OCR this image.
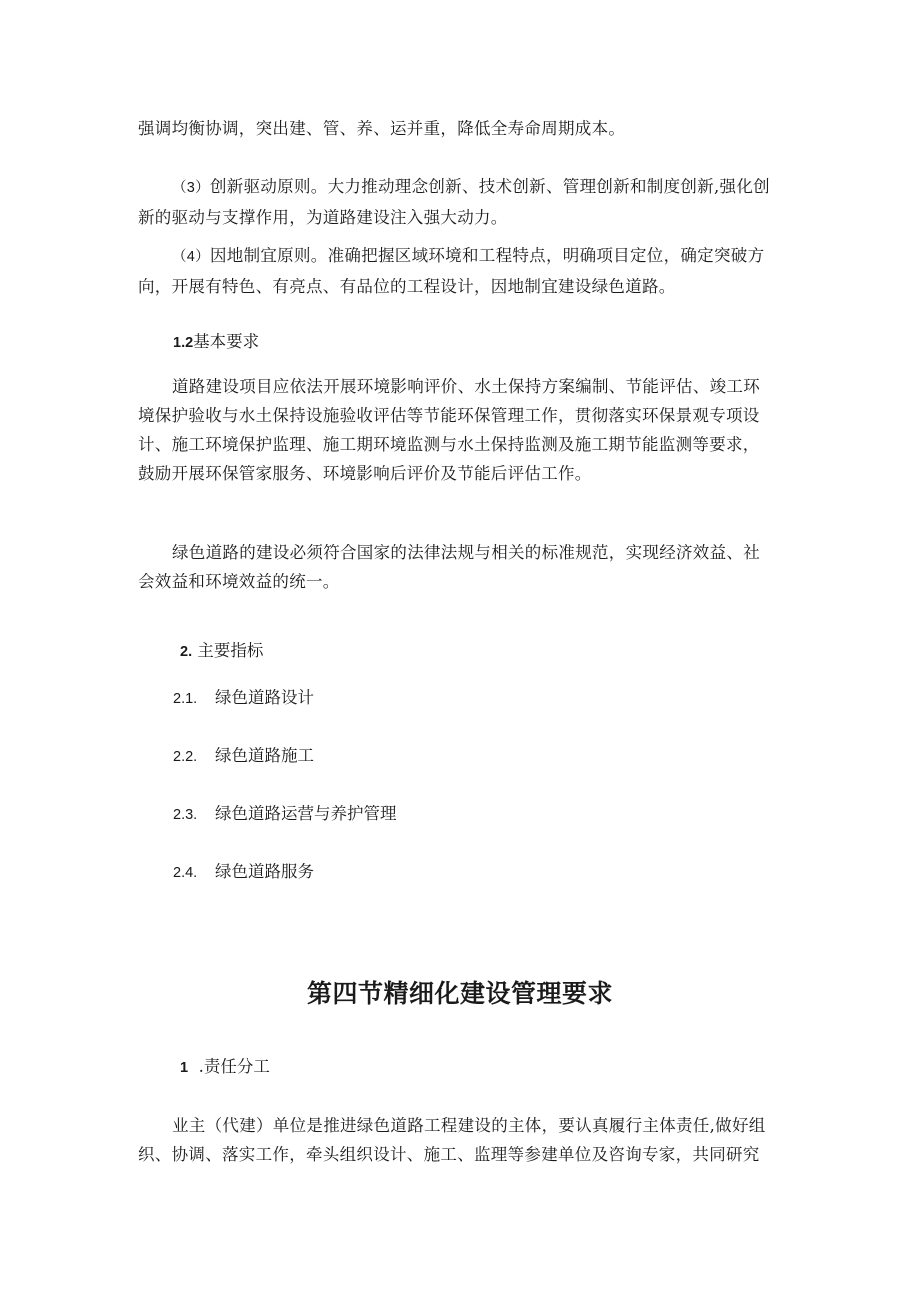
强调均衡协调，突出建、管、养、运并重，降低全寿命周期成本。

（3）创新驱动原则。大力推动理念创新、技术创新、管理创新和制度创新,强化创新的驱动与支撑作用，为道路建设注入强大动力。

（4）因地制宜原则。准确把握区域环境和工程特点，明确项目定位，确定突破方向，开展有特色、有亮点、有品位的工程设计，因地制宜建设绿色道路。

1.2基本要求

道路建设项目应依法开展环境影响评价、水土保持方案编制、节能评估、竣工环境保护验收与水土保持设施验收评估等节能环保管理工作，贯彻落实环保景观专项设计、施工环境保护监理、施工期环境监测与水土保持监测及施工期节能监测等要求，鼓励开展环保管家服务、环境影响后评价及节能后评估工作。

绿色道路的建设必须符合国家的法律法规与相关的标准规范，实现经济效益、社会效益和环境效益的统一。

2. 主要指标

2.1. 绿色道路设计

2.2. 绿色道路施工

2.3. 绿色道路运营与养护管理

2.4. 绿色道路服务

第四节精细化建设管理要求

1 .责任分工

业主（代建）单位是推进绿色道路工程建设的主体，要认真履行主体责任,做好组织、协调、落实工作，牵头组织设计、施工、监理等参建单位及咨询专家，共同研究
